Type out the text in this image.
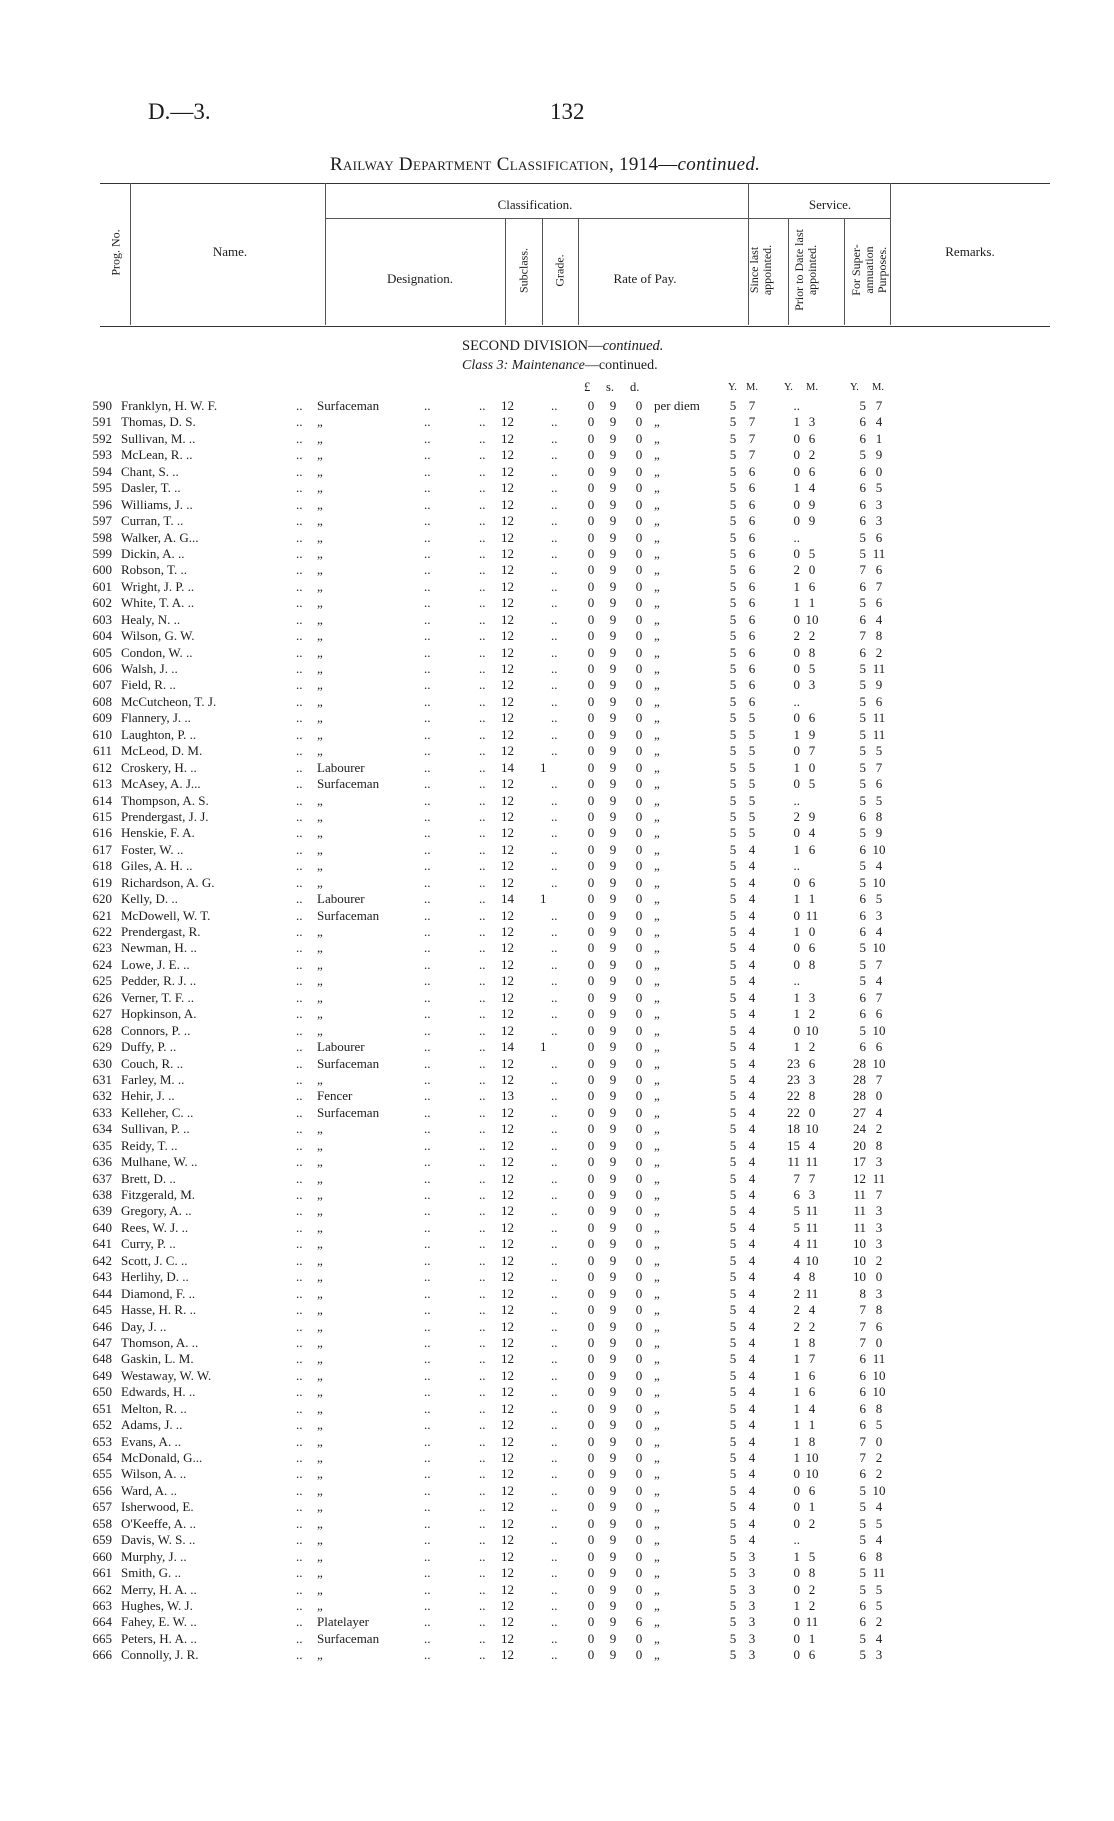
D.—3.	132
Railway Department Classification, 1914—continued.
Prog. No.	Name.
Classification.
Designation.	Subclass. Grade.	Rate of Pay.
Service.
Since last appointed. Prior to Date last appointed.	For Super-annuation Purposes.	Remarks.
SECOND DIVISION—continued.
Class 3: Maintenance—continued.
£ s. d.	Y. M. Y. M.	Y. M.
590 Franklyn, H. W. F.	.. Surfaceman	..	..	12	.. 0 9 0 per diem	5 7	..	5 7
591 Thomas, D. S.	.. „	..	..	12	.. 0 9 0 „	5 7	1 3	6 4
592 Sullivan, M. ..	.. „	..	..	12	.. 0 9 0 „	5 7	0 6	6 1
593 McLean, R. ..	.. „	..	..	12	.. 0 9 0 „	5 7	0 2	5 9
594 Chant, S. ..	.. „	..	..	12	.. 0 9 0 „	5 6	0 6	6 0
595 Dasler, T. ..	.. „	..	..	12	.. 0 9 0 „	5 6	1 4	6 5
596 Williams, J. ..	.. „	..	..	12	.. 0 9 0 „	5 6	0 9	6 3
597 Curran, T. ..	.. „	..	..	12	.. 0 9 0 „	5 6	0 9	6 3
598 Walker, A. G...	.. „	..	..	12	.. 0 9 0 „	5 6	..	5 6
599 Dickin, A. ..	.. „	..	..	12	.. 0 9 0 „	5 6	0 5	5 11
600 Robson, T. ..	.. „	..	..	12	.. 0 9 0 „	5 6	2 0	7 6
601 Wright, J. P. ..	.. „	..	..	12	.. 0 9 0 „	5 6	1 6	6 7
602 White, T. A. ..	.. „	..	..	12	.. 0 9 0 „	5 6	1 1	5 6
603 Healy, N. ..	.. „	..	..	12	.. 0 9 0 „	5 6	0 10	6 4
604 Wilson, G. W.	.. „	..	..	12	.. 0 9 0 „	5 6	2 2	7 8
605 Condon, W. ..	.. „	..	..	12	.. 0 9 0 „	5 6	0 8	6 2
606 Walsh, J. ..	.. „	..	..	12	.. 0 9 0 „	5 6	0 5	5 11
607 Field, R. ..	.. „	..	..	12	.. 0 9 0 „	5 6	0 3	5 9
608 McCutcheon, T. J.	.. „	..	..	12	.. 0 9 0 „	5 6	..	5 6
609 Flannery, J. ..	.. „	..	..	12	.. 0 9 0 „	5 5	0 6	5 11
610 Laughton, P. ..	.. „	..	..	12	.. 0 9 0 „	5 5	1 9	5 11
611 McLeod, D. M.	.. „	..	..	12	.. 0 9 0 „	5 5	0 7	5 5
612 Croskery, H. ..	.. Labourer	..	..	14 1	0 9 0 „	5 5	1 0	5 7
613 McAsey, A. J...	.. Surfaceman	..	..	12	.. 0 9 0 „	5 5	0 5	5 6
614 Thompson, A. S.	.. „	..	..	12	.. 0 9 0 „	5 5	..	5 5
615 Prendergast, J. J.	.. „	..	..	12	.. 0 9 0 „	5 5	2 9	6 8
616 Henskie, F. A.	.. „	..	..	12	.. 0 9 0 „	5 5	0 4	5 9
617 Foster, W. ..	.. „	..	..	12	.. 0 9 0 „	5 4	1 6	6 10
618 Giles, A. H. ..	.. „	..	..	12	.. 0 9 0 „	5 4	..	5 4
619 Richardson, A. G.	.. „	..	..	12	.. 0 9 0 „	5 4	0 6	5 10
620 Kelly, D. ..	.. Labourer	..	..	14 1	0 9 0 „	5 4	1 1	6 5
621 McDowell, W. T.	.. Surfaceman	..	..	12	.. 0 9 0 „	5 4	0 11	6 3
622 Prendergast, R.	.. „	..	..	12	.. 0 9 0 „	5 4	1 0	6 4
623 Newman, H. ..	.. „	..	..	12	.. 0 9 0 „	5 4	0 6	5 10
624 Lowe, J. E. ..	.. „	..	..	12	.. 0 9 0 „	5 4	0 8	5 7
625 Pedder, R. J. ..	.. „	..	..	12	.. 0 9 0 „	5 4	..	5 4
626 Verner, T. F. ..	.. „	..	..	12	.. 0 9 0 „	5 4	1 3	6 7
627 Hopkinson, A.	.. „	..	..	12	.. 0 9 0 „	5 4	1 2	6 6
628 Connors, P. ..	.. „	..	..	12	.. 0 9 0 „	5 4	0 10	5 10
629 Duffy, P. ..	.. Labourer	..	..	14 1	0 9 0 „	5 4	1 2	6 6
630 Couch, R. ..	.. Surfaceman	..	..	12	.. 0 9 0 „	5 4	23 6	28 10
631 Farley, M. ..	.. „	..	..	12	.. 0 9 0 „	5 4	23 3	28 7
632 Hehir, J. ..	.. Fencer	..	..	13	.. 0 9 0 „	5 4	22 8	28 0
633 Kelleher, C. ..	.. Surfaceman	..	..	12	.. 0 9 0 „	5 4	22 0	27 4
634 Sullivan, P. ..	.. „	..	..	12	.. 0 9 0 „	5 4	18 10	24 2
635 Reidy, T. ..	.. „	..	..	12	.. 0 9 0 „	5 4	15 4	20 8
636 Mulhane, W. ..	.. „	..	..	12	.. 0 9 0 „	5 4	11 11	17 3
637 Brett, D. ..	.. „	..	..	12	.. 0 9 0 „	5 4	7 7	12 11
638 Fitzgerald, M.	.. „	..	..	12	.. 0 9 0 „	5 4	6 3	11 7
639 Gregory, A. ..	.. „	..	..	12	.. 0 9 0 „	5 4	5 11	11 3
640 Rees, W. J. ..	.. „	..	..	12	.. 0 9 0 „	5 4	5 11	11 3
641 Curry, P. ..	.. „	..	..	12	.. 0 9 0 „	5 4	4 11	10 3
642 Scott, J. C. ..	.. „	..	..	12	.. 0 9 0 „	5 4	4 10	10 2
643 Herlihy, D. ..	.. „	..	..	12	.. 0 9 0 „	5 4	4 8	10 0
644 Diamond, F. ..	.. „	..	..	12	.. 0 9 0 „	5 4	2 11	8 3
645 Hasse, H. R. ..	.. „	..	..	12	.. 0 9 0 „	5 4	2 4	7 8
646 Day, J. ..	.. „	..	..	12	.. 0 9 0 „	5 4	2 2	7 6
647 Thomson, A. ..	.. „	..	..	12	.. 0 9 0 „	5 4	1 8	7 0
648 Gaskin, L. M.	.. „	..	..	12	.. 0 9 0 „	5 4	1 7	6 11
649 Westaway, W. W.	.. „	..	..	12	.. 0 9 0 „	5 4	1 6	6 10
650 Edwards, H. ..	.. „	..	..	12	.. 0 9 0 „	5 4	1 6	6 10
651 Melton, R. ..	.. „	..	..	12	.. 0 9 0 „	5 4	1 4	6 8
652 Adams, J. ..	.. „	..	..	12	.. 0 9 0 „	5 4	1 1	6 5
653 Evans, A. ..	.. „	..	..	12	.. 0 9 0 „	5 4	1 8	7 0
654 McDonald, G...	.. „	..	..	12	.. 0 9 0 „	5 4	1 10	7 2
655 Wilson, A. ..	.. „	..	..	12	.. 0 9 0 „	5 4	0 10	6 2
656 Ward, A. ..	.. „	..	..	12	.. 0 9 0 „	5 4	0 6	5 10
657 Isherwood, E.	.. „	..	..	12	.. 0 9 0 „	5 4	0 1	5 4
658 O'Keeffe, A. ..	.. „	..	..	12	.. 0 9 0 „	5 4	0 2	5 5
659 Davis, W. S. ..	.. „	..	..	12	.. 0 9 0 „	5 4	..	5 4
660 Murphy, J. ..	.. „	..	..	12	.. 0 9 0 „	5 3	1 5	6 8
661 Smith, G. ..	.. „	..	..	12	.. 0 9 0 „	5 3	0 8	5 11
662 Merry, H. A. ..	.. „	..	..	12	.. 0 9 0 „	5 3	0 2	5 5
663 Hughes, W. J.	.. „	..	..	12	.. 0 9 0 „	5 3	1 2	6 5
664 Fahey, E. W. ..	.. Platelayer	..	..	12	.. 0 9 6 „	5 3	0 11	6 2
665 Peters, H. A. ..	.. Surfaceman	..	..	12	.. 0 9 0 „	5 3	0 1	5 4
666 Connolly, J. R.	.. „	..	..	12	.. 0 9 0 „	5 3	0 6	5 3
